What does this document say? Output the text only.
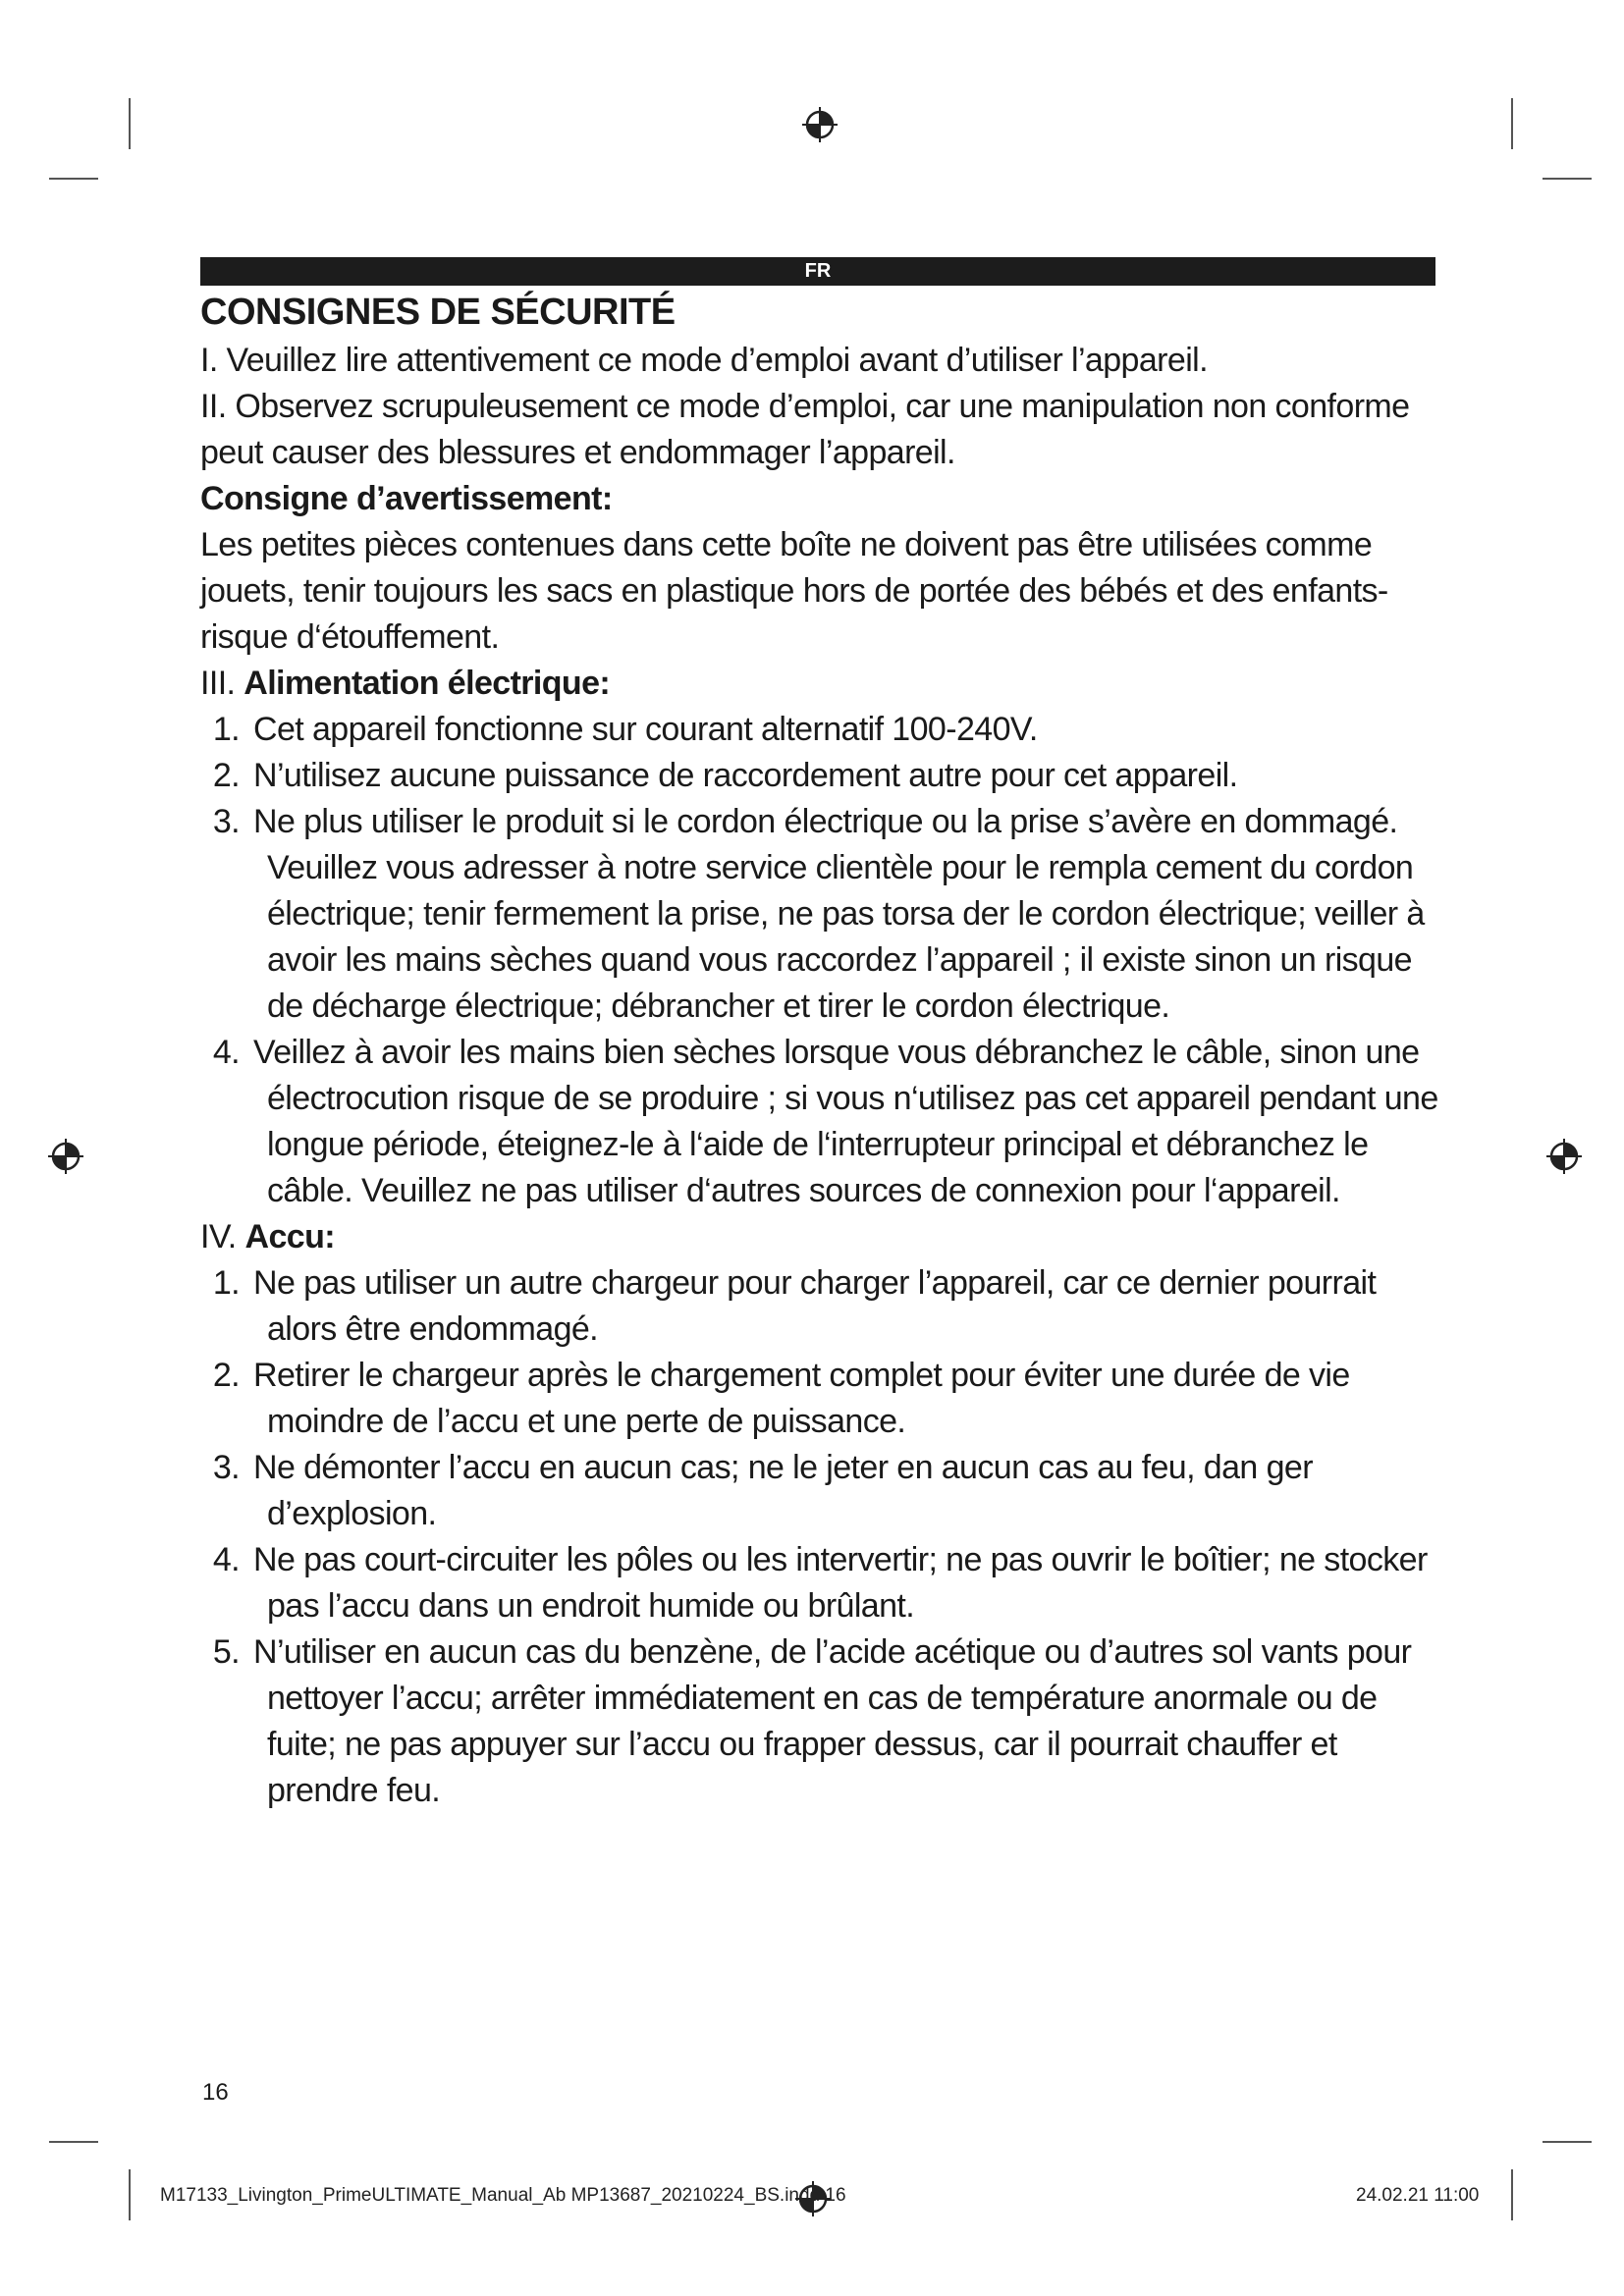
FR
CONSIGNES DE SÉCURITÉ

I. Veuillez lire attentivement ce mode d’emploi avant d’utiliser l’appareil.

II. Observez scrupuleusement ce mode d’emploi, car une manipulation non conforme peut causer des blessures et endommager l’appareil.

Consigne d’avertissement:

Les petites pièces contenues dans cette boîte ne doivent pas être utilisées comme jouets, tenir toujours les sacs en plastique hors de portée des bébés et des enfants- risque d‘étouffement.

III. Alimentation électrique:
1. Cet appareil fonctionne sur courant alternatif 100-240V.
2. N’utilisez aucune puissance de raccordement autre pour cet appareil.
3. Ne plus utiliser le produit si le cordon électrique ou la prise s’avère en dommagé. Veuillez vous adresser à notre service clientèle pour le rempla cement du cordon électrique; tenir fermement la prise, ne pas torsa der le cordon électrique; veiller à avoir les mains sèches quand vous raccordez l’appareil ; il existe sinon un risque de décharge électrique; débrancher et tirer le cordon électrique.
4. Veillez à avoir les mains bien sèches lorsque vous débranchez le câble, sinon une électrocution risque de se produire ; si vous n‘utilisez pas cet appareil pendant une longue période, éteignez-le à l‘aide de l‘interrupteur principal et débranchez le câble. Veuillez ne pas utiliser d‘autres sources de connexion pour l‘appareil.
IV. Accu:
1. Ne pas utiliser un autre chargeur pour charger l’appareil, car ce dernier pourrait alors être endommagé.
2. Retirer le chargeur après le chargement complet pour éviter une durée de vie moindre de l’accu et une perte de puissance.
3. Ne démonter l’accu en aucun cas; ne le jeter en aucun cas au feu, dan ger d’explosion.
4. Ne pas court-circuiter les pôles ou les intervertir; ne pas ouvrir le boîtier; ne stocker pas l’accu dans un endroit humide ou brûlant.
5. N’utiliser en aucun cas du benzène, de l’acide acétique ou d’autres sol vants pour nettoyer l’accu; arrêter immédiatement en cas de température anormale ou de fuite; ne pas appuyer sur l’accu ou frapper dessus, car il pourrait chauffer et prendre feu.
16
M17133_Livington_PrimeULTIMATE_Manual_Ab MP13687_20210224_BS.indd 16	24.02.21 11:00
